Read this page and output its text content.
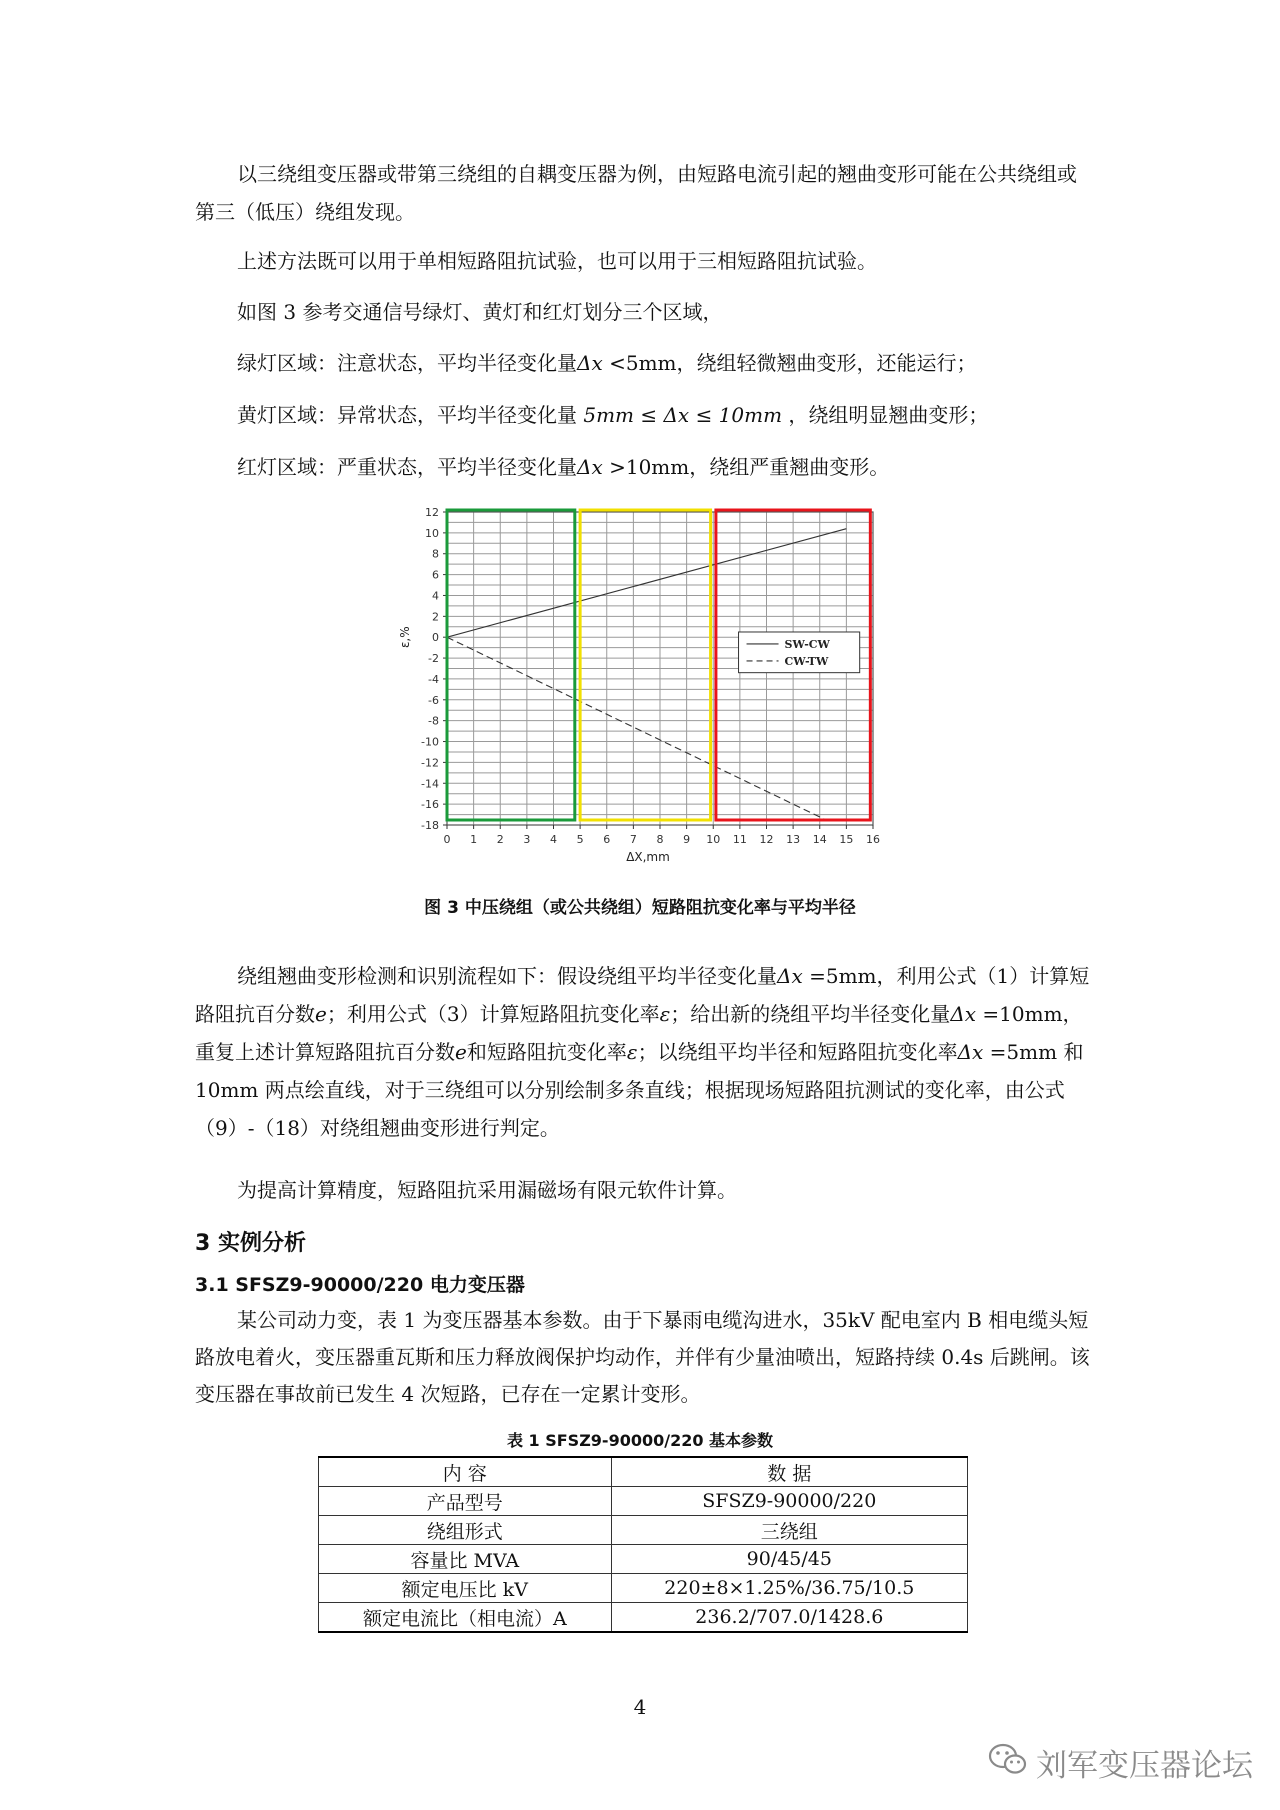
以三绕组变压器或带第三绕组的自耦变压器为例，由短路电流引起的翘曲变形可能在公共绕组或第三（低压）绕组发现。

上述方法既可以用于单相短路阻抗试验，也可以用于三相短路阻抗试验。

如图 3 参考交通信号绿灯、黄灯和红灯划分三个区域，

绿灯区域：注意状态，平均半径变化量Δx <5mm，绕组轻微翘曲变形，还能运行；

黄灯区域：异常状态，平均半径变化量 5mm ≤ Δx ≤ 10mm ，绕组明显翘曲变形；

红灯区域：严重状态，平均半径变化量Δx >10mm，绕组严重翘曲变形。

0 1 2 3 4 5 6 7 8 9 10 11 12 13 14 15 16
12
10
8
6
4
2
0
-2
-4
-6
-8
-10
-12
-14
-16
-18
ΔX,mm
ε,%	SW-CW
CW-TW
图 3 中压绕组（或公共绕组）短路阻抗变化率与平均半径

绕组翘曲变形检测和识别流程如下：假设绕组平均半径变化量Δx =5mm，利用公式（1）计算短路阻抗百分数e；利用公式（3）计算短路阻抗变化率ε；给出新的绕组平均半径变化量Δx =10mm，重复上述计算短路阻抗百分数e和短路阻抗变化率ε；以绕组平均半径和短路阻抗变化率Δx =5mm 和 10mm 两点绘直线，对于三绕组可以分别绘制多条直线；根据现场短路阻抗测试的变化率，由公式（9）-（18）对绕组翘曲变形进行判定。

为提高计算精度，短路阻抗采用漏磁场有限元软件计算。

3 实例分析
3.1 SFSZ9-90000/220 电力变压器

某公司动力变，表 1 为变压器基本参数。由于下暴雨电缆沟进水，35kV 配电室内 B 相电缆头短路放电着火，变压器重瓦斯和压力释放阀保护均动作，并伴有少量油喷出，短路持续 0.4s 后跳闸。该变压器在事故前已发生 4 次短路，已存在一定累计变形。

表 1 SFSZ9-90000/220 基本参数
内 容	数 据
产品型号	SFSZ9-90000/220
绕组形式	三绕组
容量比 MVA	90/45/45
额定电压比 kV	220±8×1.25%/36.75/10.5
额定电流比（相电流）A	236.2/707.0/1428.6
4
刘军变压器论坛
